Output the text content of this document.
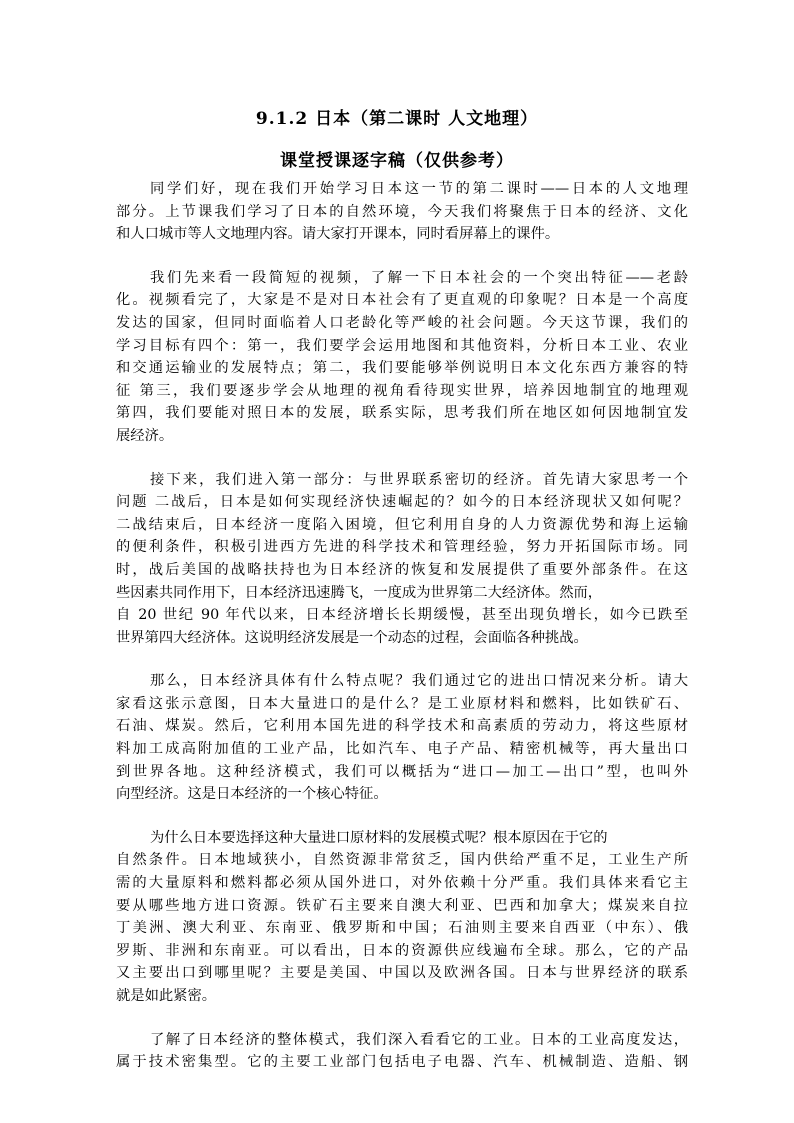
9.1.2 日本（第二课时 人文地理）
课堂授课逐字稿（仅供参考）
同学们好，现在我们开始学习日本这一节的第二课时——日本的人文地理
部分。上节课我们学习了日本的自然环境，今天我们将聚焦于日本的经济、文化
和人口城市等人文地理内容。请大家打开课本，同时看屏幕上的课件。
我们先来看一段简短的视频，了解一下日本社会的一个突出特征——老龄
化。视频看完了，大家是不是对日本社会有了更直观的印象呢？日本是一个高度
发达的国家，但同时面临着人口老龄化等严峻的社会问题。今天这节课，我们的
学习目标有四个：第一，我们要学会运用地图和其他资料，分析日本工业、农业
和交通运输业的发展特点；第二，我们要能够举例说明日本文化东西方兼容的特
征 第三，我们要逐步学会从地理的视角看待现实世界，培养因地制宜的地理观
第四，我们要能对照日本的发展，联系实际，思考我们所在地区如何因地制宜发
展经济。
接下来，我们进入第一部分：与世界联系密切的经济。首先请大家思考一个
问题 二战后，日本是如何实现经济快速崛起的？如今的日本经济现状又如何呢？
二战结束后，日本经济一度陷入困境，但它利用自身的人力资源优势和海上运输
的便利条件，积极引进西方先进的科学技术和管理经验，努力开拓国际市场。同
时，战后美国的战略扶持也为日本经济的恢复和发展提供了重要外部条件。在这
些因素共同作用下，日本经济迅速腾飞，一度成为世界第二大经济体。然而，
自 20 世纪 90 年代以来，日本经济增长长期缓慢，甚至出现负增长，如今已跌至
世界第四大经济体。这说明经济发展是一个动态的过程，会面临各种挑战。
那么，日本经济具体有什么特点呢？我们通过它的进出口情况来分析。请大
家看这张示意图，日本大量进口的是什么？是工业原材料和燃料，比如铁矿石、
石油、煤炭。然后，它利用本国先进的科学技术和高素质的劳动力，将这些原材
料加工成高附加值的工业产品，比如汽车、电子产品、精密机械等，再大量出口
到世界各地。这种经济模式，我们可以概括为“进口—加工—出口”型，也叫外
向型经济。这是日本经济的一个核心特征。
为什么日本要选择这种大量进口原材料的发展模式呢？根本原因在于它的
自然条件。日本地域狭小，自然资源非常贫乏，国内供给严重不足，工业生产所
需的大量原料和燃料都必须从国外进口，对外依赖十分严重。我们具体来看它主
要从哪些地方进口资源。铁矿石主要来自澳大利亚、巴西和加拿大；煤炭来自拉
丁美洲、澳大利亚、东南亚、俄罗斯和中国；石油则主要来自西亚（中东）、俄
罗斯、非洲和东南亚。可以看出，日本的资源供应线遍布全球。那么，它的产品
又主要出口到哪里呢？主要是美国、中国以及欧洲各国。日本与世界经济的联系
就是如此紧密。
了解了日本经济的整体模式，我们深入看看它的工业。日本的工业高度发达，
属于技术密集型。它的主要工业部门包括电子电器、汽车、机械制造、造船、钢
